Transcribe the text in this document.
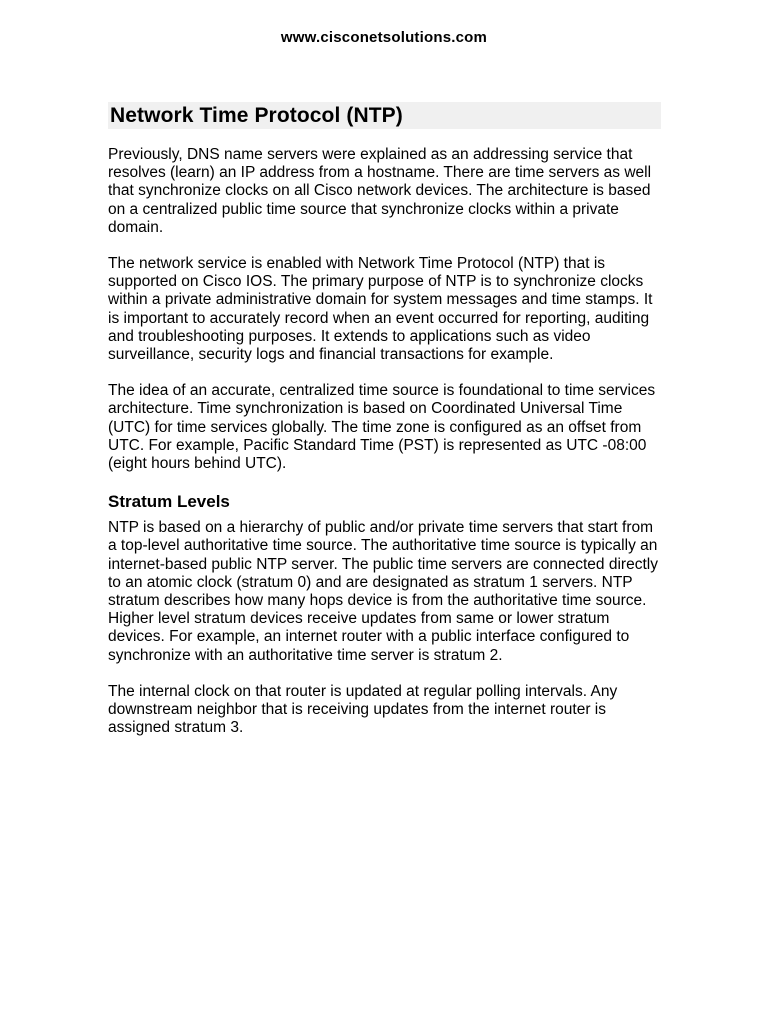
www.cisconetsolutions.com
Network Time Protocol (NTP)

Previously, DNS name servers were explained as an addressing service that resolves (learn) an IP address from a hostname. There are time servers as well that synchronize clocks on all Cisco network devices. The architecture is based on a centralized public time source that synchronize clocks within a private domain.

The network service is enabled with Network Time Protocol (NTP) that is supported on Cisco IOS. The primary purpose of NTP is to synchronize clocks within a private administrative domain for system messages and time stamps. It is important to accurately record when an event occurred for reporting, auditing and troubleshooting purposes. It extends to applications such as video surveillance, security logs and financial transactions for example.

The idea of an accurate, centralized time source is foundational to time services architecture. Time synchronization is based on Coordinated Universal Time (UTC) for time services globally. The time zone is configured as an offset from UTC. For example, Pacific Standard Time (PST) is represented as UTC -08:00 (eight hours behind UTC).

Stratum Levels

NTP is based on a hierarchy of public and/or private time servers that start from a top-level authoritative time source. The authoritative time source is typically an internet-based public NTP server. The public time servers are connected directly to an atomic clock (stratum 0) and are designated as stratum 1 servers. NTP stratum describes how many hops device is from the authoritative time source. Higher level stratum devices receive updates from same or lower stratum devices. For example, an internet router with a public interface configured to synchronize with an authoritative time server is stratum 2.

The internal clock on that router is updated at regular polling intervals. Any downstream neighbor that is receiving updates from the internet router is assigned stratum 3.
